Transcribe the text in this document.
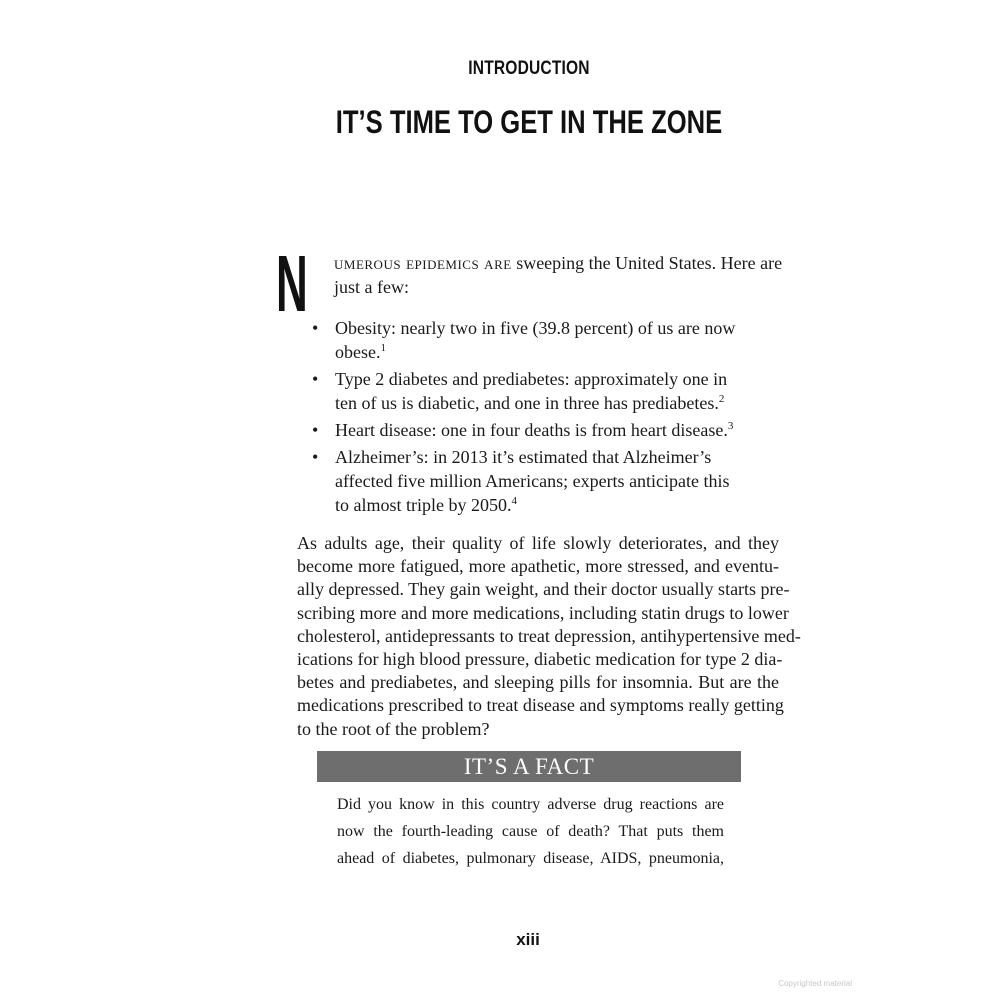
INTRODUCTION
IT’S TIME TO GET IN THE ZONE
N umerous epidemics are sweeping the United States. Here are
just a few:
• Obesity: nearly two in five (39.8 percent) of us are now
obese.$^1$
• Type 2 diabetes and prediabetes: approximately one in
ten of us is diabetic, and one in three has prediabetes.$^2$
• Heart disease: one in four deaths is from heart disease.$^3$
• Alzheimer’s: in 2013 it’s estimated that Alzheimer’s
affected five million Americans; experts anticipate this
to almost triple by 2050.$^4$
As adults age, their quality of life slowly deteriorates, and they
become more fatigued, more apathetic, more stressed, and eventu-
ally depressed. They gain weight, and their doctor usually starts pre-
scribing more and more medications, including statin drugs to lower
cholesterol, antidepressants to treat depression, antihypertensive med-
ications for high blood pressure, diabetic medication for type 2 dia-
betes and prediabetes, and sleeping pills for insomnia. But are the
medications prescribed to treat disease and symptoms really getting
to the root of the problem?
IT’S A FACT
Did you know in this country adverse drug reactions are
now the fourth-leading cause of death? That puts them
ahead of diabetes, pulmonary disease, AIDS, pneumonia,
xiii
Copyrighted material
